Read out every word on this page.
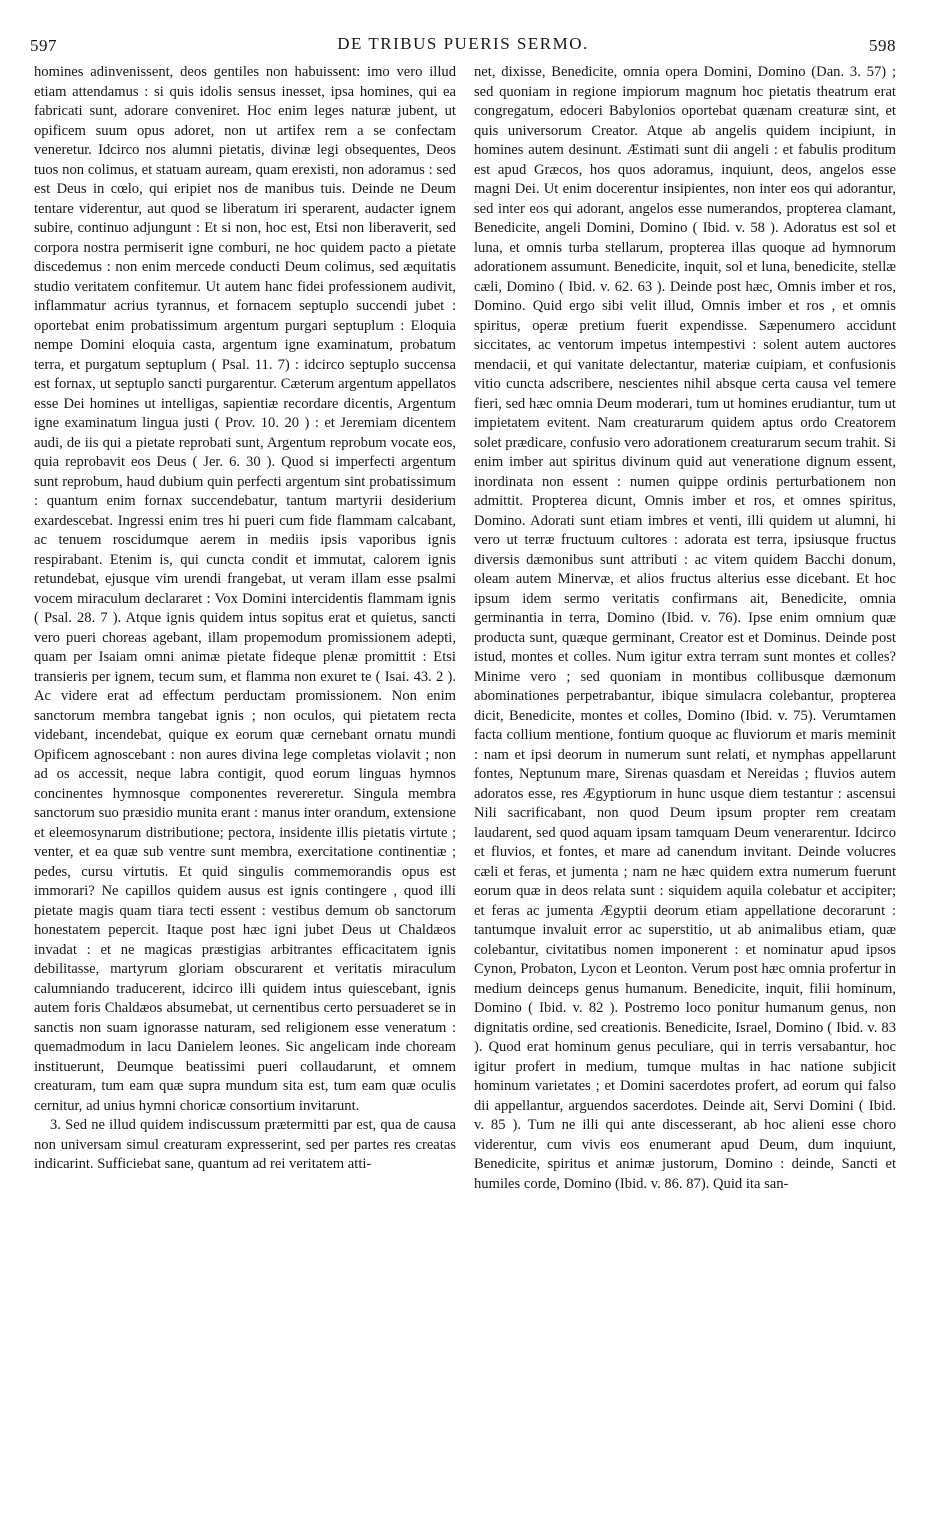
597	DE TRIBUS PUERIS SERMO.	598

homines adinvenissent, deos gentiles non habuissent: imo vero illud etiam attendamus : si quis idolis sensus inesset, ipsa homines, qui ea fabricati sunt, adorare conveniret. Hoc enim leges naturæ jubent, ut opificem suum opus adoret, non ut artifex rem a se confectam veneretur. Idcirco nos alumni pietatis, divinæ legi obsequentes, Deos tuos non colimus, et statuam auream, quam erexisti, non adoramus : sed est Deus in cœlo, qui eripiet nos de manibus tuis. Deinde ne Deum tentare viderentur, aut quod se liberatum iri sperarent, audacter ignem subire, continuo adjungunt : Et si non, hoc est, Etsi non liberaverit, sed corpora nostra permiserit igne comburi, ne hoc quidem pacto a pietate discedemus : non enim mercede conducti Deum colimus, sed æquitatis studio veritatem confitemur. Ut autem hanc fidei professionem audivit, inflammatur acrius tyrannus, et fornacem septuplo succendi jubet : oportebat enim probatissimum argentum purgari septuplum : Eloquia nempe Domini eloquia casta, argentum igne examinatum, probatum terra, et purgatum septuplum ( Psal. 11. 7) : idcirco septuplo succensa est fornax, ut septuplo sancti purgarentur. Cæterum argentum appellatos esse Dei homines ut intelligas, sapientiæ recordare dicentis, Argentum igne examinatum lingua justi ( Prov. 10. 20 ) : et Jeremiam dicentem audi, de iis qui a pietate reprobati sunt, Argentum reprobum vocate eos, quia reprobavit eos Deus ( Jer. 6. 30 ). Quod si imperfecti argentum sunt reprobum, haud dubium quin perfecti argentum sint probatissimum : quantum enim fornax succendebatur, tantum martyrii desiderium exardescebat. Ingressi enim tres hi pueri cum fide flammam calcabant, ac tenuem roscidumque aerem in mediis ipsis vaporibus ignis respirabant. Etenim is, qui cuncta condit et immutat, calorem ignis retundebat, ejusque vim urendi frangebat, ut veram illam esse psalmi vocem miraculum declararet : Vox Domini intercidentis flammam ignis ( Psal. 28. 7 ). Atque ignis quidem intus sopitus erat et quietus, sancti vero pueri choreas agebant, illam propemodum promissionem adepti, quam per Isaiam omni animæ pietate fideque plenæ promittit : Etsi transieris per ignem, tecum sum, et flamma non exuret te ( Isai. 43. 2 ). Ac videre erat ad effectum perductam promissionem. Non enim sanctorum membra tangebat ignis ; non oculos, qui pietatem recta videbant, incendebat, quique ex eorum quæ cernebant ornatu mundi Opificem agnoscebant : non aures divina lege completas violavit ; non ad os accessit, neque labra contigit, quod eorum linguas hymnos concinentes hymnosque componentes revereretur. Singula membra sanctorum suo præsidio munita erant : manus inter orandum, extensione et eleemosynarum distributione; pectora, insidente illis pietatis virtute ; venter, et ea quæ sub ventre sunt membra, exercitatione continentiæ ; pedes, cursu virtutis. Et quid singulis commemorandis opus est immorari? Ne capillos quidem ausus est ignis contingere , quod illi pietate magis quam tiara tecti essent : vestibus demum ob sanctorum honestatem pepercit. Itaque post hæc igni jubet Deus ut Chaldæos invadat : et ne magicas præstigias arbitrantes efficacitatem ignis debilitasse, martyrum gloriam obscurarent et veritatis miraculum calumniando traducerent, idcirco illi quidem intus quiescebant, ignis autem foris Chaldæos absumebat, ut cernentibus certo persuaderet se in sanctis non suam ignorasse naturam, sed religionem esse veneratum : quemadmodum in lacu Danielem leones. Sic angelicam inde choream instituerunt, Deumque beatissimi pueri collaudarunt, et omnem creaturam, tum eam quæ supra mundum sita est, tum eam quæ oculis cernitur, ad unius hymni choricæ consortium invitarunt.

3. Sed ne illud quidem indiscussum prætermitti par est, qua de causa non universam simul creaturam expresserint, sed per partes res creatas indicarint. Sufficiebat sane, quantum ad rei veritatem atti-

net, dixisse, Benedicite, omnia opera Domini, Domino (Dan. 3. 57) ; sed quoniam in regione impiorum magnum hoc pietatis theatrum erat congregatum, edoceri Babylonios oportebat quænam creaturæ sint, et quis universorum Creator. Atque ab angelis quidem incipiunt, in homines autem desinunt. Æstimati sunt dii angeli : et fabulis proditum est apud Græcos, hos quos adoramus, inquiunt, deos, angelos esse magni Dei. Ut enim docerentur insipientes, non inter eos qui adorantur, sed inter eos qui adorant, angelos esse numerandos, propterea clamant, Benedicite, angeli Domini, Domino ( Ibid. v. 58 ). Adoratus est sol et luna, et omnis turba stellarum, propterea illas quoque ad hymnorum adorationem assumunt. Benedicite, inquit, sol et luna, benedicite, stellæ cæli, Domino ( Ibid. v. 62. 63 ). Deinde post hæc, Omnis imber et ros, Domino. Quid ergo sibi velit illud, Omnis imber et ros , et omnis spiritus, operæ pretium fuerit expendisse. Sæpenumero accidunt siccitates, ac ventorum impetus intempestivi : solent autem auctores mendacii, et qui vanitate delectantur, materiæ cuipiam, et confusionis vitio cuncta adscribere, nescientes nihil absque certa causa vel temere fieri, sed hæc omnia Deum moderari, tum ut homines erudiantur, tum ut impietatem evitent. Nam creaturarum quidem aptus ordo Creatorem solet prædicare, confusio vero adorationem creaturarum secum trahit. Si enim imber aut spiritus divinum quid aut veneratione dignum essent, inordinata non essent : numen quippe ordinis perturbationem non admittit. Propterea dicunt, Omnis imber et ros, et omnes spiritus, Domino. Adorati sunt etiam imbres et venti, illi quidem ut alumni, hi vero ut terræ fructuum cultores : adorata est terra, ipsiusque fructus diversis dæmonibus sunt attributi : ac vitem quidem Bacchi donum, oleam autem Minervæ, et alios fructus alterius esse dicebant. Et hoc ipsum idem sermo veritatis confirmans ait, Benedicite, omnia germinantia in terra, Domino (Ibid. v. 76). Ipse enim omnium quæ producta sunt, quæque germinant, Creator est et Dominus. Deinde post istud, montes et colles. Num igitur extra terram sunt montes et colles? Minime vero ; sed quoniam in montibus collibusque dæmonum abominationes perpetrabantur, ibique simulacra colebantur, propterea dicit, Benedicite, montes et colles, Domino (Ibid. v. 75). Verumtamen facta collium mentione, fontium quoque ac fluviorum et maris meminit : nam et ipsi deorum in numerum sunt relati, et nymphas appellarunt fontes, Neptunum mare, Sirenas quasdam et Nereidas ; fluvios autem adoratos esse, res Ægyptiorum in hunc usque diem testantur : ascensui Nili sacrificabant, non quod Deum ipsum propter rem creatam laudarent, sed quod aquam ipsam tamquam Deum venerarentur. Idcirco et fluvios, et fontes, et mare ad canendum invitant. Deinde volucres cæli et feras, et jumenta ; nam ne hæc quidem extra numerum fuerunt eorum quæ in deos relata sunt : siquidem aquila colebatur et accipiter; et feras ac jumenta Ægyptii deorum etiam appellatione decorarunt : tantumque invaluit error ac superstitio, ut ab animalibus etiam, quæ colebantur, civitatibus nomen imponerent : et nominatur apud ipsos Cynon, Probaton, Lycon et Leonton. Verum post hæc omnia profertur in medium deinceps genus humanum. Benedicite, inquit, filii hominum, Domino ( Ibid. v. 82 ). Postremo loco ponitur humanum genus, non dignitatis ordine, sed creationis. Benedicite, Israel, Domino ( Ibid. v. 83 ). Quod erat hominum genus peculiare, qui in terris versabantur, hoc igitur profert in medium, tumque multas in hac natione subjicit hominum varietates ; et Domini sacerdotes profert, ad eorum qui falso dii appellantur, arguendos sacerdotes. Deinde ait, Servi Domini ( Ibid. v. 85 ). Tum ne illi qui ante discesserant, ab hoc alieni esse choro viderentur, cum vivis eos enumerant apud Deum, dum inquiunt, Benedicite, spiritus et animæ justorum, Domino : deinde, Sancti et humiles corde, Domino (Ibid. v. 86. 87). Quid ita san-
